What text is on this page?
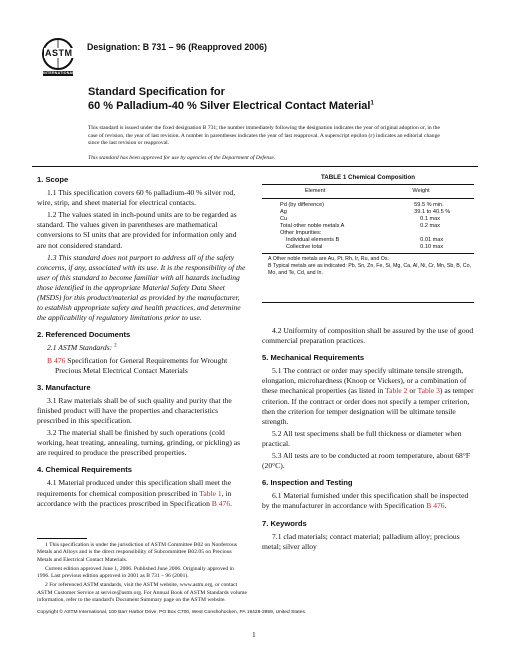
ASTM
INTERNATIONAL
Designation: B 731 – 96 (Reapproved 2006)
Standard Specification for
60 % Palladium-40 % Silver Electrical Contact Material$^1$
This standard is issued under the fixed designation B 731; the number immediately following the designation indicates the year of original adoption or, in the case of revision, the year of last revision. A number in parentheses indicates the year of last reapproval. A superscript epsilon (ε) indicates an editorial change since the last revision or reapproval.
This standard has been approved for use by agencies of the Department of Defense.
1. Scope

1.1 This specification covers 60 % palladium-40 % silver rod, wire, strip, and sheet material for electrical contacts.

1.2 The values stated in inch-pound units are to be regarded as standard. The values given in parentheses are mathematical conversions to SI units that are provided for information only and are not considered standard.

1.3 This standard does not purport to address all of the safety concerns, if any, associated with its use. It is the responsibility of the user of this standard to become familiar with all hazards including those identified in the appropriate Material Safety Data Sheet (MSDS) for this product/material as provided by the manufacturer, to establish appropriate safety and health practices, and determine the applicability of regulatory limitations prior to use.

2. Referenced Documents

2.1 ASTM Standards: $^2$

B 476 Specification for General Requirements for Wrought Precious Metal Electrical Contact Materials

3. Manufacture

3.1 Raw materials shall be of such quality and purity that the finished product will have the properties and characteristics prescribed in this specification.

3.2 The material shall be finished by such operations (cold working, heat treating, annealing, turning, grinding, or pickling) as are required to produce the prescribed properties.

4. Chemical Requirements

4.1 Material produced under this specification shall meet the requirements for chemical composition prescribed in Table 1, in accordance with the practices prescribed in Specification B 476.

1 This specification is under the jurisdiction of ASTM Committee B02 on Nonferrous Metals and Alloys and is the direct responsibility of Subcommittee B02.05 on Precious Metals and Electrical Contact Materials.

Current edition approved June 1, 2006. Published June 2006. Originally approved in 1996. Last previous edition approved in 2001 as B 731 – 96 (2001).

2 For referenced ASTM standards, visit the ASTM website, www.astm.org, or contact ASTM Customer Service at service@astm.org. For Annual Book of ASTM Standards volume information, refer to the standard's Document Summary page on the ASTM website.

TABLE 1 Chemical Composition
Element	Weight
Pd (by difference)	59.5 % min.
Ag	39.1 to 40.5 %
Cu	0.1 max
Total other noble metals A	0.2 max
Other Impurities:	
Individual elements B	0.01 max
Collective total	0.10 max
A Other noble metals are Au, Pt, Rh, Ir, Ru, and Os.
B Typical metals are as indicated: Pb, Sn, Zn, Fe, Si, Mg, Ca, Al, Ni, Cr, Mn, Sb, B, Co, Mo, and Te, Cd, and In.

4.2 Uniformity of composition shall be assured by the use of good commercial preparation practices.

5. Mechanical Requirements

5.1 The contract or order may specify ultimate tensile strength, elongation, microhardness (Knoop or Vickers), or a combination of these mechanical properties (as listed in Table 2 or Table 3) as temper criterion. If the contract or order does not specify a temper criterion, then the criterion for temper designation will be ultimate tensile strength.

5.2 All test specimens shall be full thickness or diameter when practical.

5.3 All tests are to be conducted at room temperature, about 68°F (20°C).

6. Inspection and Testing

6.1 Material furnished under this specification shall be inspected by the manufacturer in accordance with Specification B 476.

7. Keywords

7.1 clad materials; contact material; palladium alloy; precious metal; silver alloy

Copyright © ASTM International, 100 Barr Harbor Drive, PO Box C700, West Conshohocken, PA 19428-2959, United States.
1
